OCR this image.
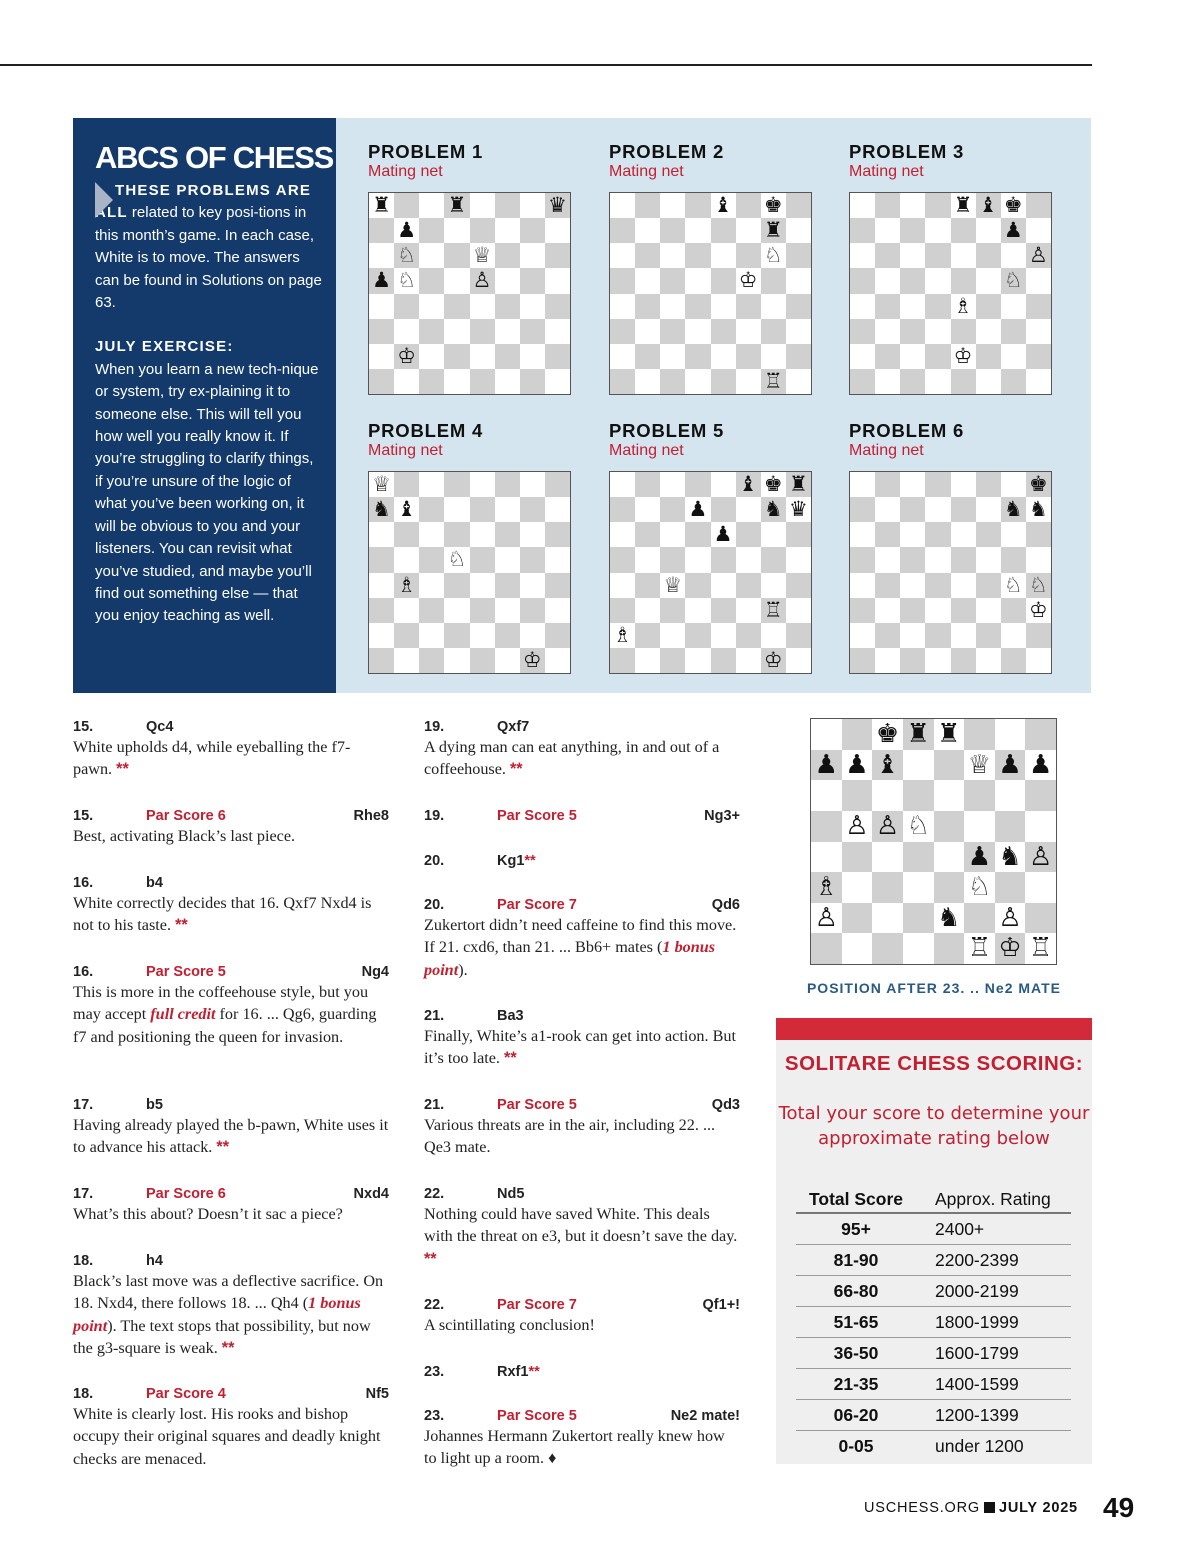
ABCS OF CHESS
THESE PROBLEMS ARE ALL related to key posi-tions in this month’s game. In each case, White is to move. The answers can be found in Solutions on page 63.
JULY EXERCISE:
When you learn a new tech-nique or system, try ex-plaining it to someone else. This will tell you how well you really know it. If you’re struggling to clarify things, if you’re unsure of the logic of what you’ve been working on, it will be obvious to you and your listeners. You can revisit what you’ve studied, and maybe you’ll find out something else — that you enjoy teaching as well.
PROBLEM 1
Mating net
♜	♜	♛
♟
♘	♕
♟ ♘	♙
♔
PROBLEM 2
Mating net
♝ ♚
♜
♘
♔
♖
PROBLEM 3
Mating net
♜ ♝ ♚
♟
♙
♘
♗
♔
PROBLEM 4
Mating net
♕
♞ ♝
♘
♗
♔
PROBLEM 5
Mating net
♝ ♚ ♜
♟	♞ ♛
♟
♕
♖
♗
♔
PROBLEM 6
Mating net
♚
♞ ♞
♘ ♘
♔
15.	Qc4
White upholds d4, while eyeballing the f7-pawn. **
15.	Par Score 6	Rhe8
Best, activating Black’s last piece.
16.	b4
White correctly decides that 16. Qxf7 Nxd4 is not to his taste. **
16.	Par Score 5	Ng4
This is more in the coffeehouse style, but you may accept full credit for 16. ... Qg6, guarding f7 and positioning the queen for invasion.
17.	b5
Having already played the b-pawn, White uses it to advance his attack. **
17.	Par Score 6	Nxd4
What’s this about? Doesn’t it sac a piece?
18.	h4
Black’s last move was a deflective sacrifice. On 18. Nxd4, there follows 18. ... Qh4 (1 bonus point). The text stops that possibility, but now the g3-square is weak. **
18.	Par Score 4	Nf5
White is clearly lost. His rooks and bishop occupy their original squares and deadly knight checks are menaced.
19.	Qxf7
A dying man can eat anything, in and out of a coffeehouse. **
19.	Par Score 5	Ng3+
20.	Kg1**
20.	Par Score 7	Qd6
Zukertort didn’t need caffeine to find this move. If 21. cxd6, than 21. ... Bb6+ mates (1 bonus point).
21.	Ba3
Finally, White’s a1-rook can get into action. But it’s too late. **
21.	Par Score 5	Qd3
Various threats are in the air, including 22. ... Qe3 mate.
22.	Nd5
Nothing could have saved White. This deals with the threat on e3, but it doesn’t save the day. **
22.	Par Score 7	Qf1+!
A scintillating conclusion!
23.	Rxf1**
23.	Par Score 5	Ne2 mate!
Johannes Hermann Zukertort really knew how to light up a room. ♦
♚ ♜ ♜
♟ ♟ ♝	♕ ♟ ♟
♙ ♙ ♘
♟ ♞ ♙
♗	♘
♙	♞ ♙
♖ ♔ ♖
POSITION AFTER 23. .. Ne2 MATE
SOLITARE CHESS SCORING:
Total your score to determine your approximate rating below
Total Score	Approx. Rating
95+	2400+
81-90	2200-2399
66-80	2000-2199
51-65	1800-1999
36-50	1600-1799
21-35	1400-1599
06-20	1200-1399
0-05	under 1200
USCHESS.ORG JULY 2025 49
